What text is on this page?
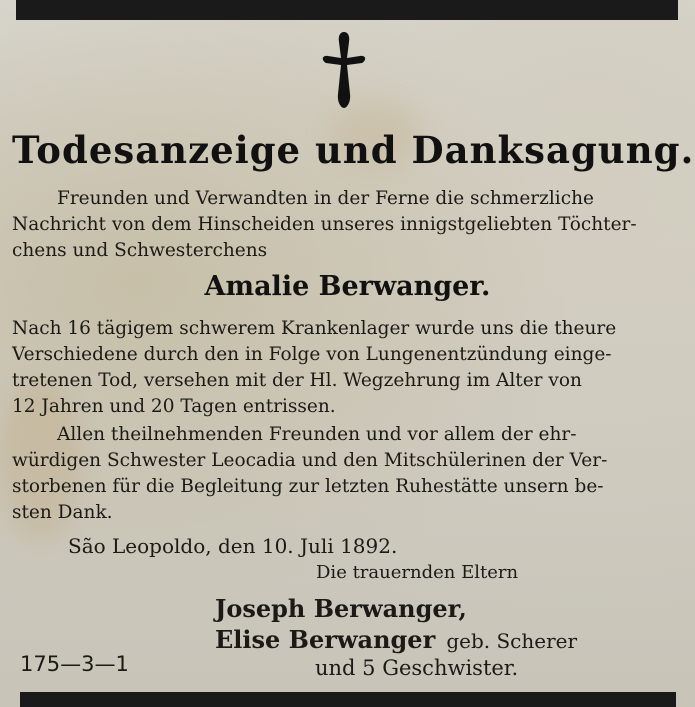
Todesanzeige und Danksagung.
Freunden und Verwandten in der Ferne die schmerzliche
Nachricht von dem Hinscheiden unseres innigstgeliebten Töchter-
chens und Schwesterchens
Amalie Berwanger.
Nach 16 tägigem schwerem Krankenlager wurde uns die theure
Verschiedene durch den in Folge von Lungenentzündung einge-
tretenen Tod, versehen mit der Hl. Wegzehrung im Alter von
12 Jahren und 20 Tagen entrissen.
Allen theilnehmenden Freunden und vor allem der ehr-
würdigen Schwester Leocadia und den Mitschülerinen der Ver-
storbenen für die Begleitung zur letzten Ruhestätte unsern be-
sten Dank.
São Leopoldo, den 10. Juli 1892.
Die trauernden Eltern
Joseph Berwanger,
Elise Berwanger geb. Scherer
und 5 Geschwister.
175—3—1
